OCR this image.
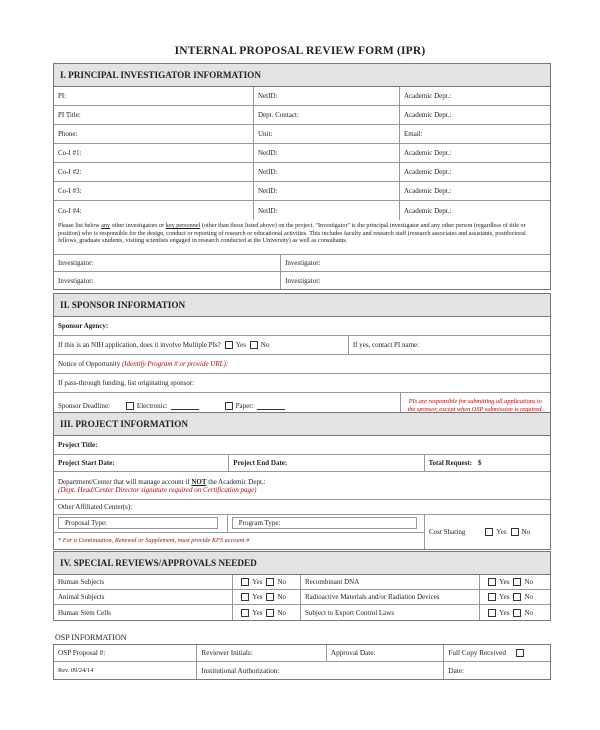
INTERNAL PROPOSAL REVIEW FORM (IPR)
I. PRINCIPAL INVESTIGATOR INFORMATION
PI:	NetID:	Academic Dept.:
PI Title:	Dept. Contact:	Academic Dept.:
Phone:	Unit:	Email:
Co-I #1:	NetID:	Academic Dept.:
Co-I #2:	NetID:	Academic Dept.:
Co-I #3:	NetID:	Academic Dept.:
Co-I #4:	NetID:	Academic Dept.:
Please list below any other investigators or key personnel (other than those listed above) on the project. "Investigator" is the principal investigator and any other person (regardless of title or position) who is responsible for the design, conduct or reporting of research or educational activities. This includes faculty and research staff (research associates and assistants, postdoctoral fellows, graduate students, visiting scientists engaged in research conducted at the University) as well as consultants.
Investigator:	Investigator:
Investigator:	Investigator:
II. SPONSOR INFORMATION
Sponsor Agency:
If this is an NIH application, does it involve Multiple PIs? Yes No	If yes, contact PI name:
Notice of Opportunity
(Identify Program # or provide URL):
If pass-through funding, list originating sponsor:
Sponsor Deadline:	Electronic:	Paper:
PIs are responsible for submitting all applications to the sponsor, except when OSP submission is required.
III. PROJECT INFORMATION
Project Title:
Project Start Date:	Project End Date:	Total Request: $
Department/Center that will manage account if NOT the Academic Dept.:
(Dept. Head/Center Director signature required on Certification page)
Other Affiliated Center(s):
Proposal Type:	Program Type:
* For a Continuation, Renewal or Supplement, must provide KFS account #
Cost Sharing	Yes No
IV. SPECIAL REVIEWS/APPROVALS NEEDED
Human Subjects	Yes No	Recombinant DNA	Yes No
Animal Subjects	Yes No	Radioactive Materials and/or Radiation Devices	Yes No
Human Stem Cells	Yes No	Subject to Export Control Laws	Yes No
OSP INFORMATION
OSP Proposal #:	Reviewer Initials:	Approval Date:	Full Copy Received
Rev. 09/24/14	Institutional Authorization:	Date:
